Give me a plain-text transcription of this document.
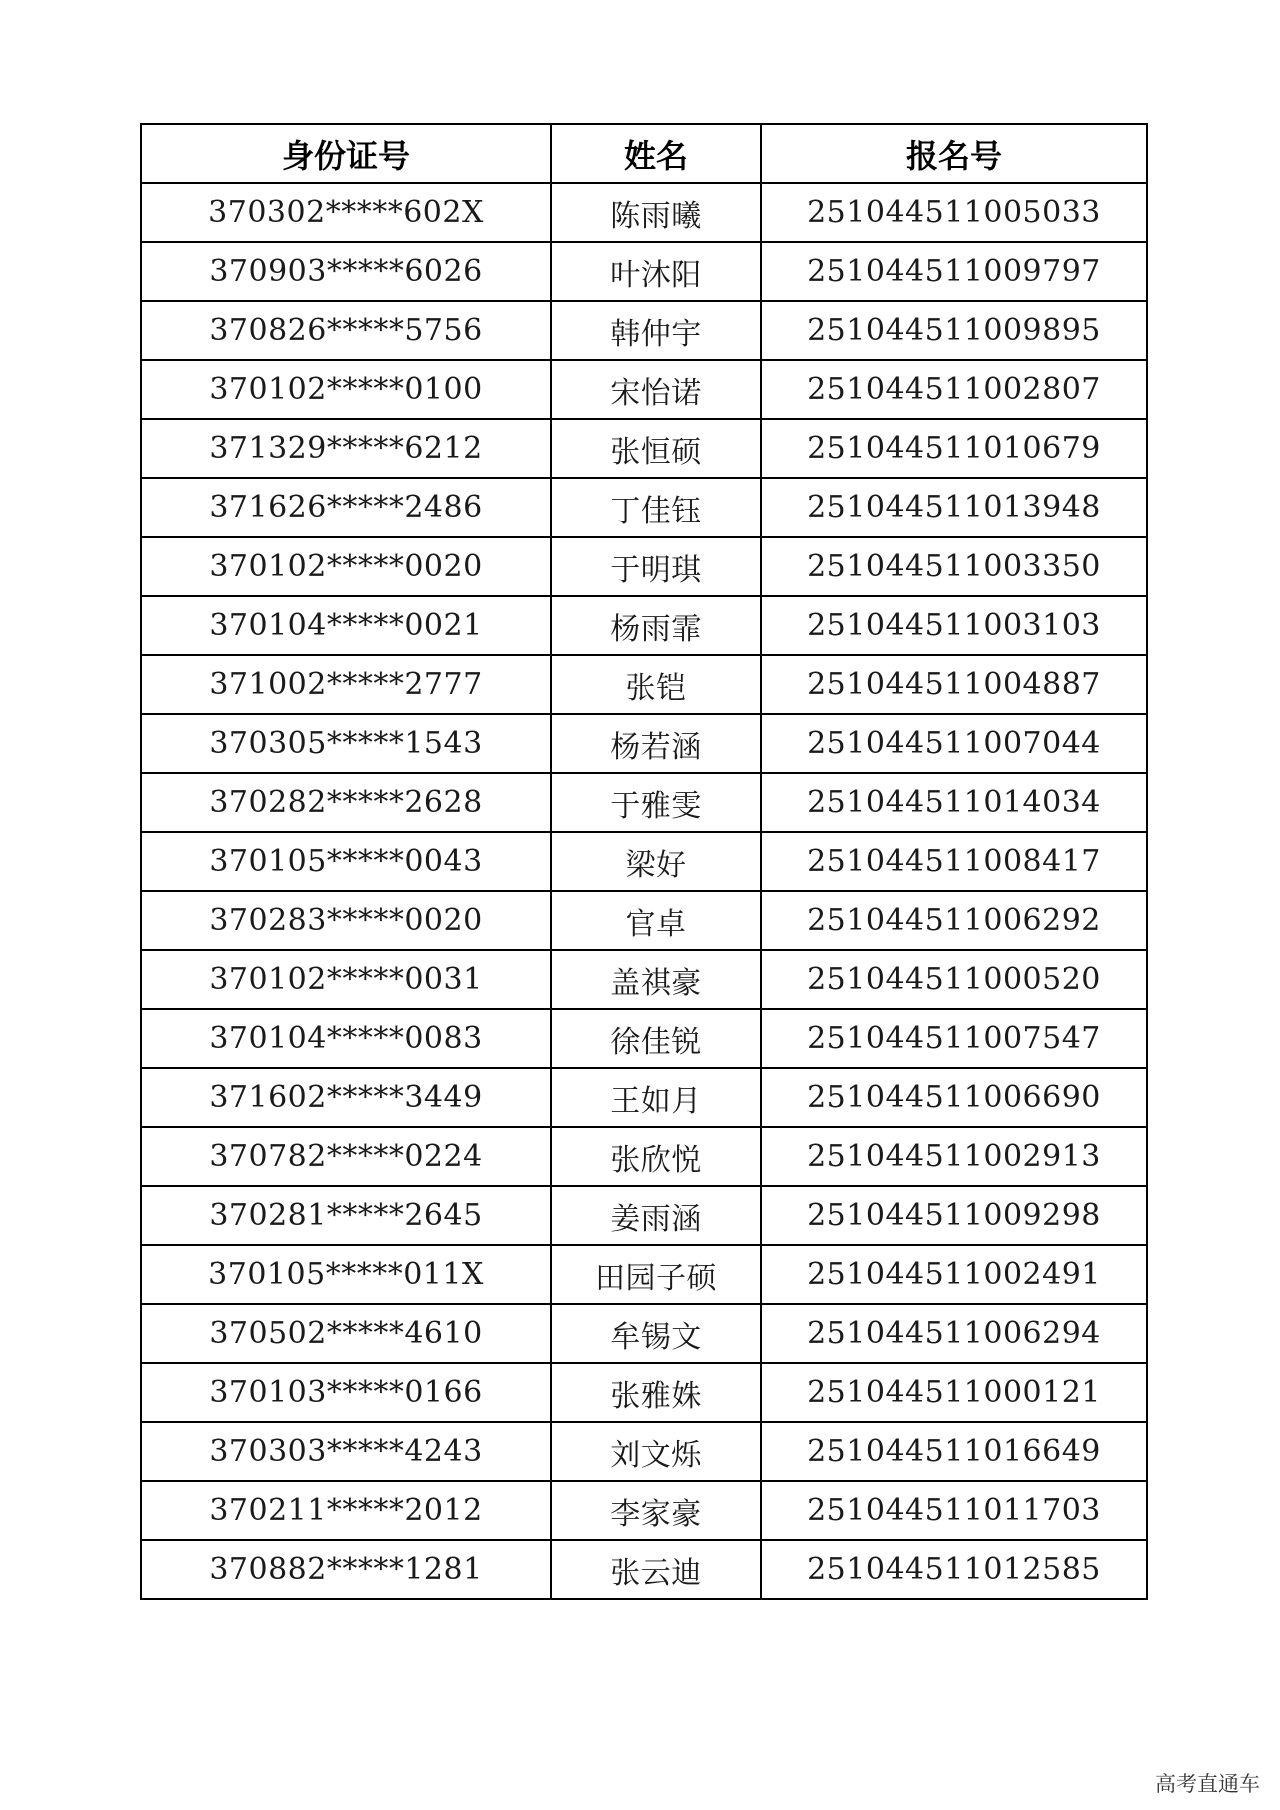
身份证号	姓名	报名号
370302*****602X	陈雨曦	251044511005033
370903*****6026	叶沐阳	251044511009797
370826*****5756	韩仲宇	251044511009895
370102*****0100	宋怡诺	251044511002807
371329*****6212	张恒硕	251044511010679
371626*****2486	丁佳钰	251044511013948
370102*****0020	于明琪	251044511003350
370104*****0021	杨雨霏	251044511003103
371002*****2777	张铠	251044511004887
370305*****1543	杨若涵	251044511007044
370282*****2628	于雅雯	251044511014034
370105*****0043	梁好	251044511008417
370283*****0020	官卓	251044511006292
370102*****0031	盖祺豪	251044511000520
370104*****0083	徐佳锐	251044511007547
371602*****3449	王如月	251044511006690
370782*****0224	张欣悦	251044511002913
370281*****2645	姜雨涵	251044511009298
370105*****011X	田园子硕	251044511002491
370502*****4610	牟锡文	251044511006294
370103*****0166	张雅姝	251044511000121
370303*****4243	刘文烁	251044511016649
370211*****2012	李家豪	251044511011703
370882*****1281	张云迪	251044511012585
高考直通车
